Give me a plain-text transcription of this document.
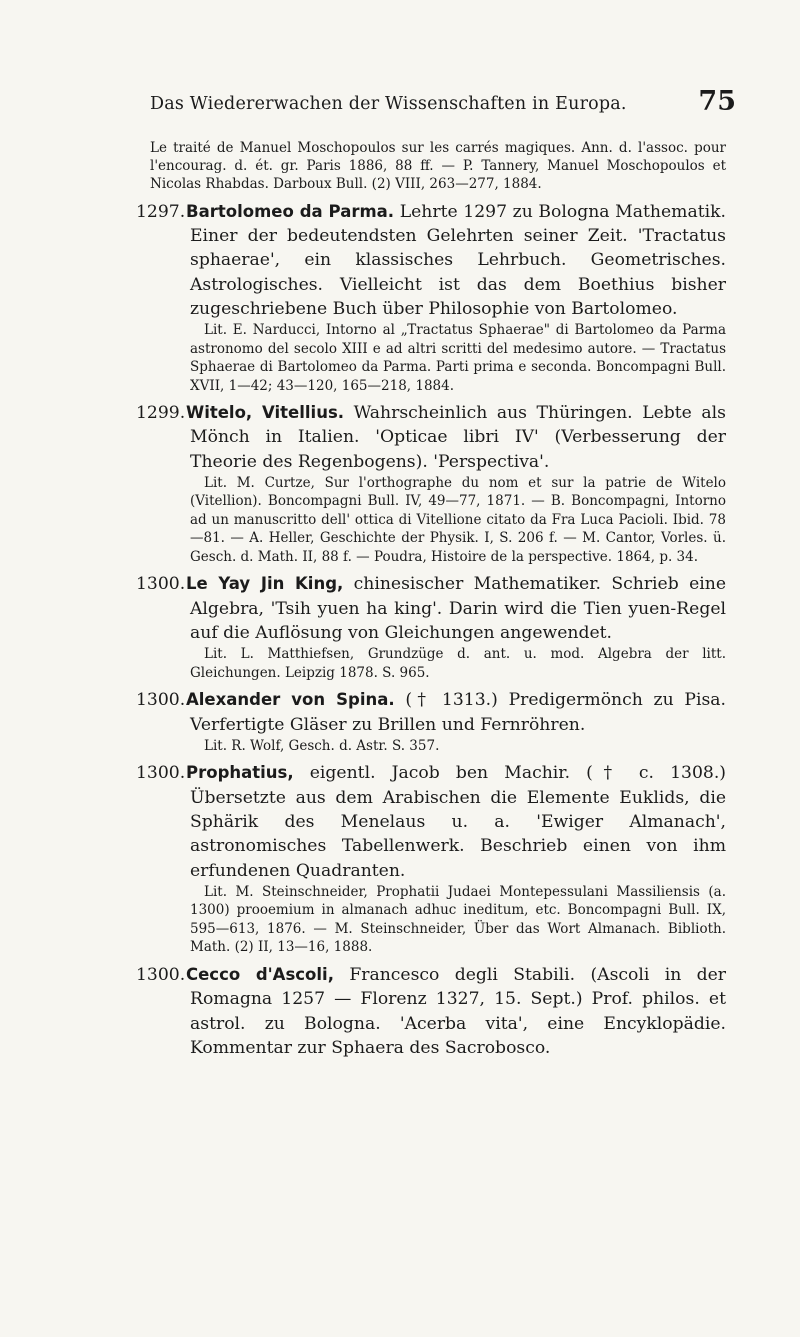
Das Wiedererwachen der Wissenschaften in Europa.	75

Le traité de Manuel Moschopoulos sur les carrés magiques. Ann. d. l'assoc. pour l'encourag. d. ét. gr. Paris 1886, 88 ff. — P. Tannery, Manuel Moschopoulos et Nicolas Rhabdas. Darboux Bull. (2) VIII, 263—277, 1884.

1297.Bartolomeo da Parma. Lehrte 1297 zu Bologna Mathematik. Einer der bedeutendsten Gelehrten seiner Zeit. 'Tractatus sphaerae', ein klassisches Lehrbuch. Geometrisches. Astrologisches. Vielleicht ist das dem Boethius bisher zugeschriebene Buch über Philosophie von Bartolomeo.

Lit. E. Narducci, Intorno al „Tractatus Sphaerae" di Bartolomeo da Parma astronomo del secolo XIII e ad altri scritti del medesimo autore. — Tractatus Sphaerae di Bartolomeo da Parma. Parti prima e seconda. Boncompagni Bull. XVII, 1—42; 43—120, 165—218, 1884.

1299.Witelo, Vitellius. Wahrscheinlich aus Thüringen. Lebte als Mönch in Italien. 'Opticae libri IV' (Verbesserung der Theorie des Regenbogens). 'Perspectiva'.

Lit. M. Curtze, Sur l'orthographe du nom et sur la patrie de Witelo (Vitellion). Boncompagni Bull. IV, 49—77, 1871. — B. Boncompagni, Intorno ad un manuscritto dell' ottica di Vitellione citato da Fra Luca Pacioli. Ibid. 78—81. — A. Heller, Geschichte der Physik. I, S. 206 f. — M. Cantor, Vorles. ü. Gesch. d. Math. II, 88 f. — Poudra, Histoire de la perspective. 1864, p. 34.

1300.Le Yay Jin King, chinesischer Mathematiker. Schrieb eine Algebra, 'Tsih yuen ha king'. Darin wird die Tien yuen-Regel auf die Auflösung von Gleichungen angewendet.

Lit. L. Matthiefsen, Grundzüge d. ant. u. mod. Algebra der litt. Gleichungen. Leipzig 1878. S. 965.

1300.Alexander von Spina. († 1313.) Predigermönch zu Pisa. Verfertigte Gläser zu Brillen und Fernröhren.

Lit. R. Wolf, Gesch. d. Astr. S. 357.

1300.Prophatius, eigentl. Jacob ben Machir. († c. 1308.) Übersetzte aus dem Arabischen die Elemente Euklids, die Sphärik des Menelaus u. a. 'Ewiger Almanach', astronomisches Tabellenwerk. Beschrieb einen von ihm erfundenen Quadranten.

Lit. M. Steinschneider, Prophatii Judaei Montepessulani Massiliensis (a. 1300) prooemium in almanach adhuc ineditum, etc. Boncompagni Bull. IX, 595—613, 1876. — M. Steinschneider, Über das Wort Almanach. Biblioth. Math. (2) II, 13—16, 1888.

1300.Cecco d'Ascoli, Francesco degli Stabili. (Ascoli in der Romagna 1257 — Florenz 1327, 15. Sept.) Prof. philos. et astrol. zu Bologna. 'Acerba vita', eine Encyklopädie. Kommentar zur Sphaera des Sacrobosco.
